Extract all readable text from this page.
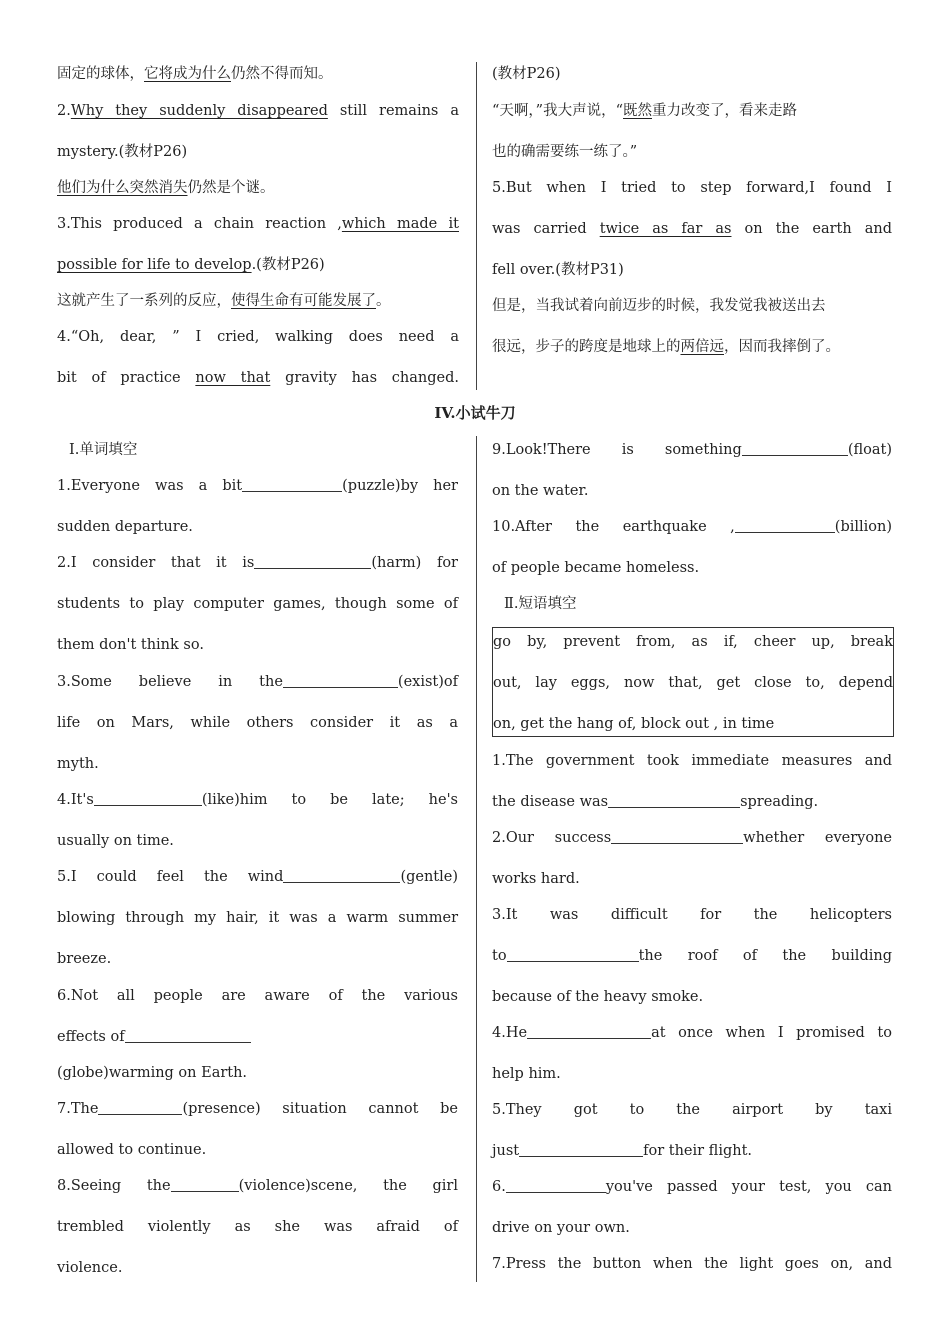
固定的球体，它将成为什么仍然不得而知。
2.Why they suddenly disappeared still remains a
mystery.(教材P26)
他们为什么突然消失仍然是个谜。
3.This produced a chain reaction ,which made it
possible for life to develop.(教材P26)
这就产生了一系列的反应，使得生命有可能发展了。
4.“Oh, dear, ” I cried, walking does need a
bit of practice now that gravity has changed.
(教材P26)
“天啊，”我大声说，“既然重力改变了，看来走路
也的确需要练一练了。”
5.But when I tried to step forward,I found I
was carried twice as far as on the earth and
fell over.(教材P31)
但是，当我试着向前迈步的时候，我发觉我被送出去
很远，步子的跨度是地球上的两倍远，因而我摔倒了。
IV.小试牛刀
Ⅰ.单词填空
1.Everyone was a bit	(puzzle)by her
sudden departure.
2.I consider that it is	(harm) for
students to play computer games, though some of
them don't think so.
3.Some believe in the	(exist)of
life on Mars, while others consider it as a
myth.
4.It's	(like)him to be late; he's
usually on time.
5.I could feel the wind	(gentle)
blowing through my hair, it was a warm summer
breeze.
6.Not all people are aware of the various
effects of
(globe)warming on Earth.
7.The	(presence) situation cannot be
allowed to continue.
8.Seeing the	(violence)scene, the girl
trembled violently as she was afraid of
violence.
9.Look!There is something	(float)
on the water.
10.After the earthquake ,	(billion)
of people became homeless.
Ⅱ.短语填空
go by, prevent from, as if, cheer up, break
out, lay eggs, now that, get close to, depend
on, get the hang of, block out , in time
1.The government took immediate measures and
the disease was	spreading.
2.Our success	whether everyone
works hard.
3.It was difficult for the helicopters
to	the roof of the building
because of the heavy smoke.
4.He	at once when I promised to
help him.
5.They got to the airport by taxi
just	for their flight.
6.	you've passed your test, you can
drive on your own.
7.Press the button when the light goes on, and
